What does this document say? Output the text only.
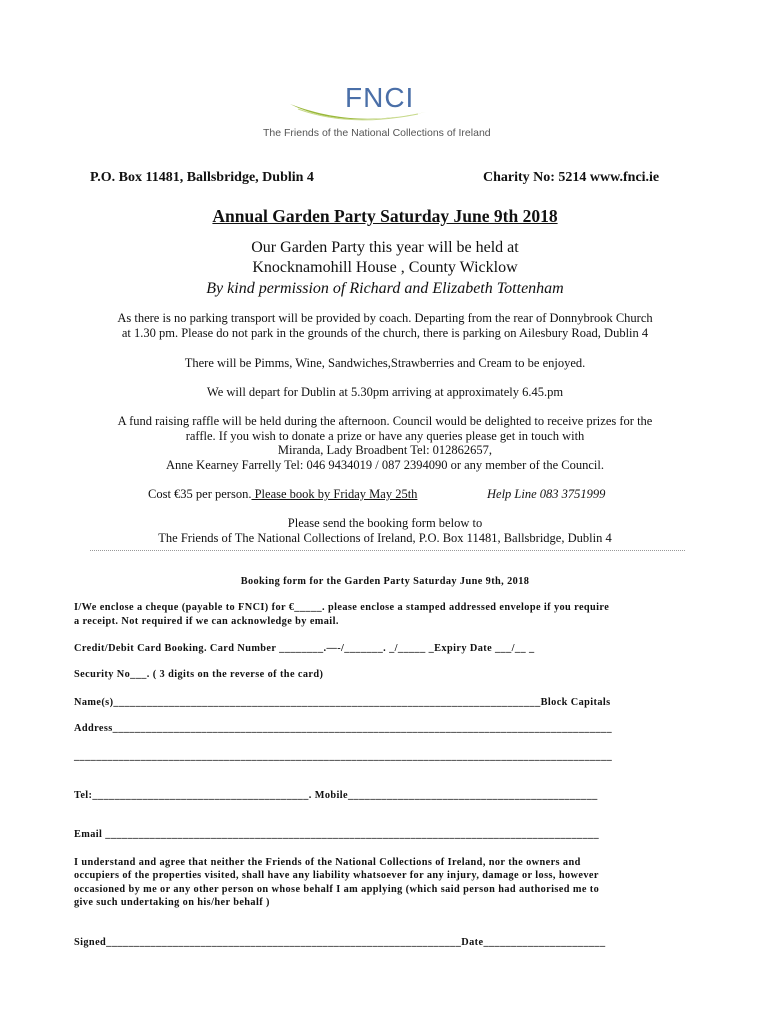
FNCI
The Friends of the National Collections of Ireland
P.O. Box 11481, Ballsbridge, Dublin 4	Charity No: 5214 www.fnci.ie
Annual Garden Party Saturday June 9th 2018
Our Garden Party this year will be held at
Knocknamohill House , County Wicklow
By kind permission of Richard and Elizabeth Tottenham
As there is no parking transport will be provided by coach. Departing from the rear of Donnybrook Church
at 1.30 pm. Please do not park in the grounds of the church, there is parking on Ailesbury Road, Dublin 4
There will be Pimms, Wine, Sandwiches,Strawberries and Cream to be enjoyed.
We will depart for Dublin at 5.30pm arriving at approximately 6.45.pm
A fund raising raffle will be held during the afternoon. Council would be delighted to receive prizes for the
raffle. If you wish to donate a prize or have any queries please get in touch with
Miranda, Lady Broadbent Tel: 012862657,
Anne Kearney Farrelly Tel: 046 9434019 / 087 2394090 or any member of the Council.
Cost €35 per person. Please book by Friday May 25th	Help Line 083 3751999
Please send the booking form below to
The Friends of The National Collections of Ireland, P.O. Box 11481, Ballsbridge, Dublin 4
Booking form for the Garden Party Saturday June 9th, 2018
I/We enclose a cheque (payable to FNCI) for €_____. please enclose a stamped addressed envelope if you require
a receipt. Not required if we can acknowledge by email.
Credit/Debit Card Booking. Card Number ________.—-/_______. _/_____ _Expiry Date ___/__ _
Security No___. ( 3 digits on the reverse of the card)
Name(s)_____________________________________________________________________________Block Capitals
Address__________________________________________________________________________________________
_________________________________________________________________________________________________
Tel:_______________________________________. Mobile_____________________________________________
Email _________________________________________________________________________________________
I understand and agree that neither the Friends of the National Collections of Ireland, nor the owners and
occupiers of the properties visited, shall have any liability whatsoever for any injury, damage or loss, however
occasioned by me or any other person on whose behalf I am applying (which said person had authorised me to
give such undertaking on his/her behalf )
Signed________________________________________________________________Date______________________
